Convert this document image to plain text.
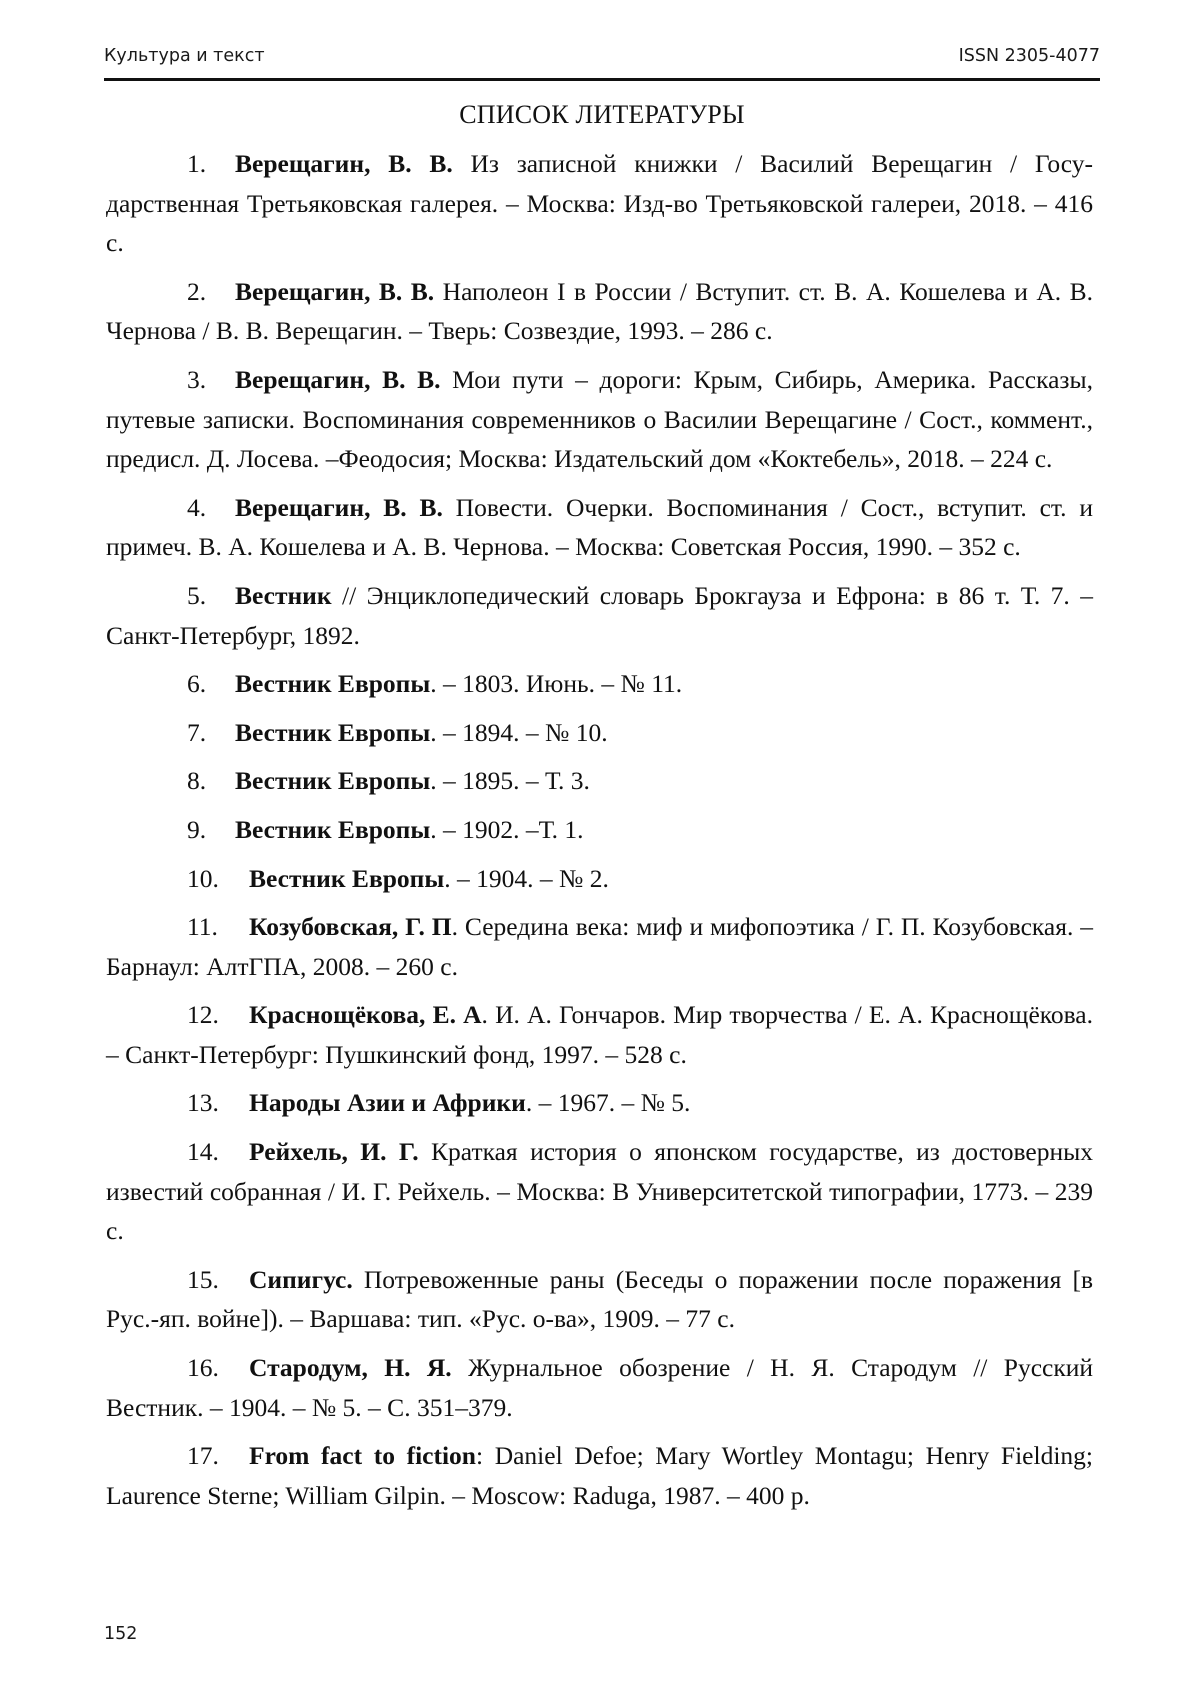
Культура и текст	ISSN 2305-4077
СПИСОК ЛИТЕРАТУРЫ
1. Верещагин, В. В. Из записной книжки / Василий Верещагин / Государственная Третьяковская галерея. – Москва: Изд-во Третьяковской галереи, 2018. – 416 с.
2. Верещагин, В. В. Наполеон I в России / Вступит. ст. В. А. Кошелева и А. В. Чернова / В. В. Верещагин. – Тверь: Созвездие, 1993. – 286 с.
3. Верещагин, В. В. Мои пути – дороги: Крым, Сибирь, Америка. Рассказы, путевые записки. Воспоминания современников о Василии Верещагине / Сост., коммент., предисл. Д. Лосева. –Феодосия; Москва: Издательский дом «Коктебель», 2018. – 224 с.
4. Верещагин, В. В. Повести. Очерки. Воспоминания / Сост., вступит. ст. и примеч. В. А. Кошелева и А. В. Чернова. – Москва: Советская Россия, 1990. – 352 с.
5. Вестник // Энциклопедический словарь Брокгауза и Ефрона: в 86 т. Т. 7. – Санкт-Петербург, 1892.
6. Вестник Европы. – 1803. Июнь. – № 11.
7. Вестник Европы. – 1894. – № 10.
8. Вестник Европы. – 1895. – Т. 3.
9. Вестник Европы. – 1902. –Т. 1.
10. Вестник Европы. – 1904. – № 2.
11. Козубовская, Г. П. Середина века: миф и мифопоэтика / Г. П. Козубовская. – Барнаул: АлтГПА, 2008. – 260 с.
12. Краснощёкова, Е. А. И. А. Гончаров. Мир творчества / Е. А. Краснощёкова. – Санкт-Петербург: Пушкинский фонд, 1997. – 528 с.
13. Народы Азии и Африки. – 1967. – № 5.
14. Рейхель, И. Г. Краткая история о японском государстве, из достоверных известий собранная / И. Г. Рейхель. – Москва: В Университетской типографии, 1773. – 239 с.
15. Сипигус. Потревоженные раны (Беседы о поражении после поражения [в Рус.-яп. войне]). – Варшава: тип. «Рус. о-ва», 1909. – 77 с.
16. Стародум, Н. Я. Журнальное обозрение / Н. Я. Стародум // Русский Вестник. – 1904. – № 5. – С. 351–379.
17. From fact to fiction: Daniel Defoe; Mary Wortley Montagu; Henry Fielding; Laurence Sterne; William Gilpin. – Moscow: Raduga, 1987. – 400 p.
152
